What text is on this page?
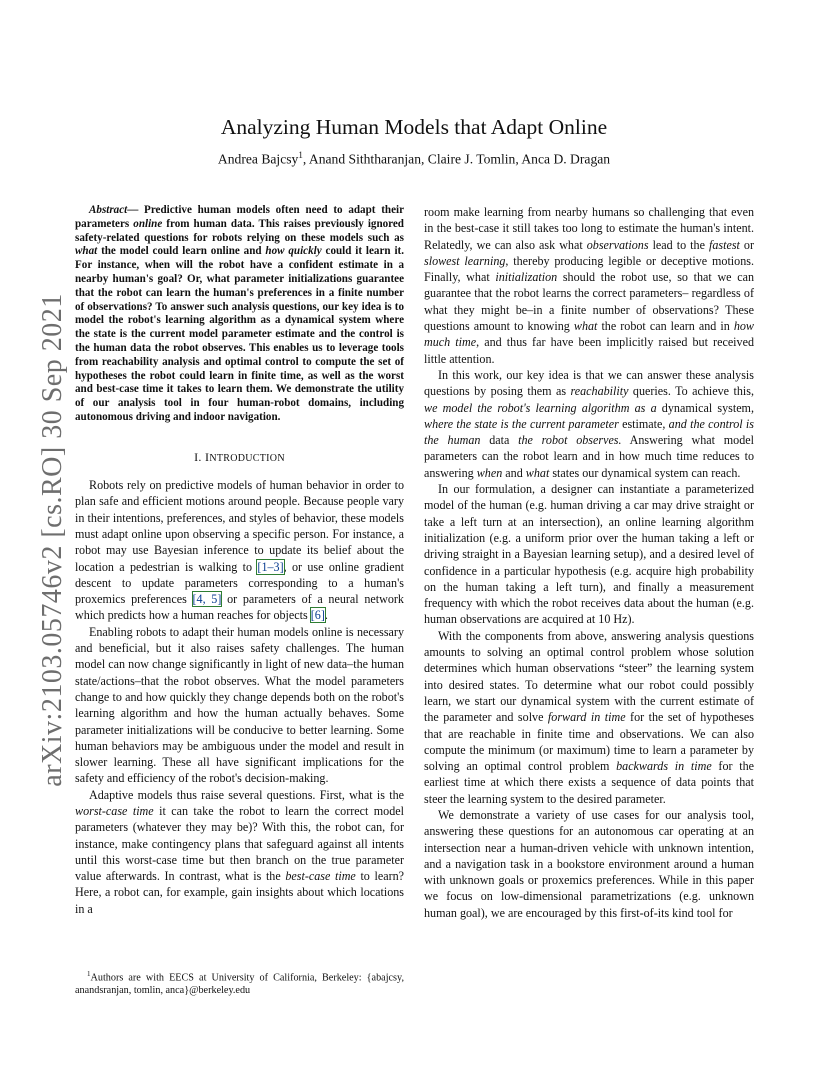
arXiv:2103.05746v2 [cs.RO] 30 Sep 2021
Analyzing Human Models that Adapt Online
Andrea Bajcsy$^1$, Anand Siththaranjan, Claire J. Tomlin, Anca D. Dragan

Abstract— Predictive human models often need to adapt their parameters online from human data. This raises previously ignored safety-related questions for robots relying on these models such as what the model could learn online and how quickly could it learn it. For instance, when will the robot have a confident estimate in a nearby human's goal? Or, what parameter initializations guarantee that the robot can learn the human's preferences in a finite number of observations? To answer such analysis questions, our key idea is to model the robot's learning algorithm as a dynamical system where the state is the current model parameter estimate and the control is the human data the robot observes. This enables us to leverage tools from reachability analysis and optimal control to compute the set of hypotheses the robot could learn in finite time, as well as the worst and best-case time it takes to learn them. We demonstrate the utility of our analysis tool in four human-robot domains, including autonomous driving and indoor navigation.

I. INTRODUCTION

Robots rely on predictive models of human behavior in order to plan safe and efficient motions around people. Because people vary in their intentions, preferences, and styles of behavior, these models must adapt online upon observing a specific person. For instance, a robot may use Bayesian inference to update its belief about the location a pedestrian is walking to [1–3], or use online gradient descent to update parameters corresponding to a human's proxemics preferences [4, 5] or parameters of a neural network which predicts how a human reaches for objects [6].

Enabling robots to adapt their human models online is necessary and beneficial, but it also raises safety challenges. The human model can now change significantly in light of new data–the human state/actions–that the robot observes. What the model parameters change to and how quickly they change depends both on the robot's learning algorithm and how the human actually behaves. Some parameter initializations will be conducive to better learning. Some human behaviors may be ambiguous under the model and result in slower learning. These all have significant implications for the safety and efficiency of the robot's decision-making.

Adaptive models thus raise several questions. First, what is the worst-case time it can take the robot to learn the correct model parameters (whatever they may be)? With this, the robot can, for instance, make contingency plans that safeguard against all intents until this worst-case time but then branch on the true parameter value afterwards. In contrast, what is the best-case time to learn? Here, a robot can, for example, gain insights about which locations in a

$^1$Authors are with EECS at University of California, Berkeley: {abajcsy, anandsranjan, tomlin, anca}@berkeley.edu

room make learning from nearby humans so challenging that even in the best-case it still takes too long to estimate the human's intent. Relatedly, we can also ask what observations lead to the fastest or slowest learning, thereby producing legible or deceptive motions. Finally, what initialization should the robot use, so that we can guarantee that the robot learns the correct parameters– regardless of what they might be–in a finite number of observations? These questions amount to knowing what the robot can learn and in how much time, and thus far have been implicitly raised but received little attention.

In this work, our key idea is that we can answer these analysis questions by posing them as reachability queries. To achieve this, we model the robot's learning algorithm as a dynamical system, where the state is the current parameter estimate, and the control is the human data the robot observes. Answering what model parameters can the robot learn and in how much time reduces to answering when and what states our dynamical system can reach.

In our formulation, a designer can instantiate a parameterized model of the human (e.g. human driving a car may drive straight or take a left turn at an intersection), an online learning algorithm initialization (e.g. a uniform prior over the human taking a left or driving straight in a Bayesian learning setup), and a desired level of confidence in a particular hypothesis (e.g. acquire high probability on the human taking a left turn), and finally a measurement frequency with which the robot receives data about the human (e.g. human observations are acquired at 10 Hz).

With the components from above, answering analysis questions amounts to solving an optimal control problem whose solution determines which human observations “steer” the learning system into desired states. To determine what our robot could possibly learn, we start our dynamical system with the current estimate of the parameter and solve forward in time for the set of hypotheses that are reachable in finite time and observations. We can also compute the minimum (or maximum) time to learn a parameter by solving an optimal control problem backwards in time for the earliest time at which there exists a sequence of data points that steer the learning system to the desired parameter.

We demonstrate a variety of use cases for our analysis tool, answering these questions for an autonomous car operating at an intersection near a human-driven vehicle with unknown intention, and a navigation task in a bookstore environment around a human with unknown goals or proxemics preferences. While in this paper we focus on low-dimensional parametrizations (e.g. unknown human goal), we are encouraged by this first-of-its kind tool for
